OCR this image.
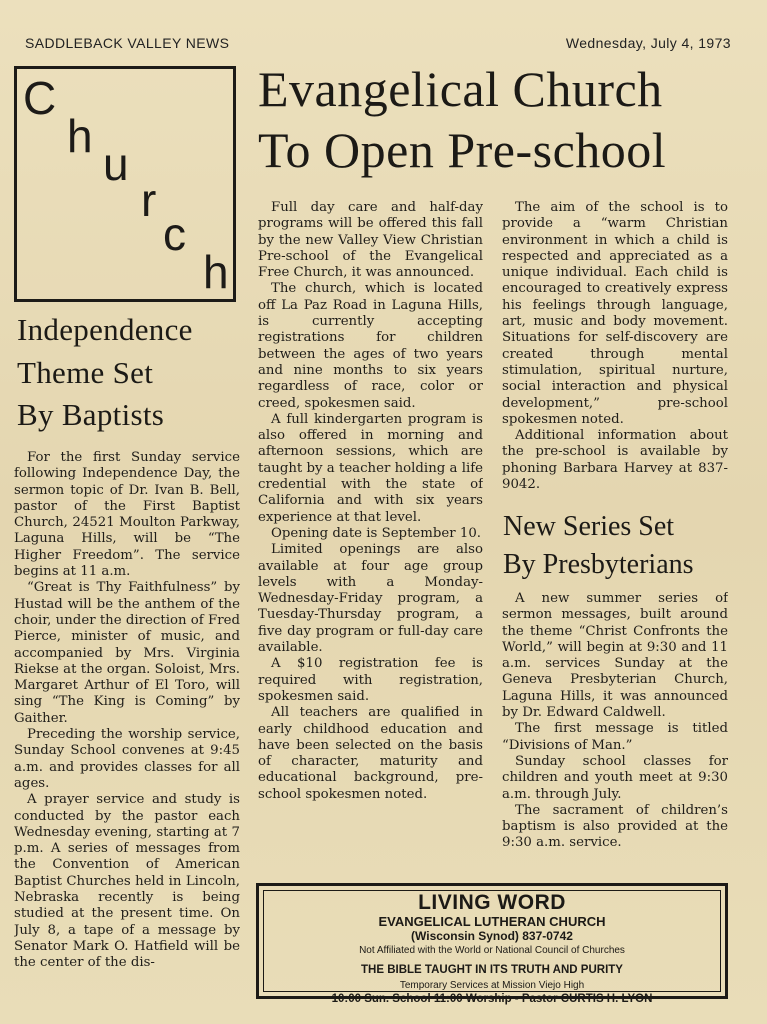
SADDLEBACK VALLEY NEWS	Wednesday, July 4, 1973
C
h
u
r
c
h
Evangelical Church
To Open Pre-school
Independence
Theme Set
By Baptists

For the first Sunday service following Independence Day, the sermon topic of Dr. Ivan B. Bell, pastor of the First Baptist Church, 24521 Moulton Parkway, Laguna Hills, will be “The Higher Freedom”. The service begins at 11 a.m.

“Great is Thy Faithfulness” by Hustad will be the anthem of the choir, under the direction of Fred Pierce, minister of music, and accompanied by Mrs. Virginia Riekse at the organ. Soloist, Mrs. Margaret Arthur of El Toro, will sing “The King is Coming” by Gaither.

Preceding the worship service, Sunday School convenes at 9:45 a.m. and provides classes for all ages.

A prayer service and study is conducted by the pastor each Wednesday evening, starting at 7 p.m. A series of messages from the Convention of American Baptist Churches held in Lincoln, Nebraska recently is being studied at the present time. On July 8, a tape of a message by Senator Mark O. Hatfield will be the center of the dis-

Full day care and half-day programs will be offered this fall by the new Valley View Christian Pre-school of the Evangelical Free Church, it was announced.

The church, which is located off La Paz Road in Laguna Hills, is currently accepting registrations for children between the ages of two years and nine months to six years regardless of race, color or creed, spokesmen said.

A full kindergarten program is also offered in morning and afternoon sessions, which are taught by a teacher holding a life credential with the state of California and with six years experience at that level.

Opening date is September 10.

Limited openings are also available at four age group levels with a Monday-Wednesday-Friday program, a Tuesday-Thursday program, a five day program or full-day care available.

A $10 registration fee is required with registration, spokesmen said.

All teachers are qualified in early childhood education and have been selected on the basis of character, maturity and educational background, pre-school spokesmen noted.

The aim of the school is to provide a “warm Christian environment in which a child is respected and appreciated as a unique individual. Each child is encouraged to creatively express his feelings through language, art, music and body movement. Situations for self-discovery are created through mental stimulation, spiritual nurture, social interaction and physical development,” pre-school spokesmen noted.

Additional information about the pre-school is available by phoning Barbara Harvey at 837-9042.

New Series Set
By Presbyterians

A new summer series of sermon messages, built around the theme “Christ Confronts the World,” will begin at 9:30 and 11 a.m. services Sunday at the Geneva Presbyterian Church, Laguna Hills, it was announced by Dr. Edward Caldwell.

The first message is titled “Divisions of Man.”

Sunday school classes for children and youth meet at 9:30 a.m. through July.

The sacrament of children’s baptism is also provided at the 9:30 a.m. service.

LIVING WORD
EVANGELICAL LUTHERAN CHURCH
(Wisconsin Synod) 837-0742
Not Affiliated with the World or National Council of Churches
THE BIBLE TAUGHT IN ITS TRUTH AND PURITY
Temporary Services at Mission Viejo High
10:00 Sun. School 11:00 Worship - Pastor CURTIS H. LYON
